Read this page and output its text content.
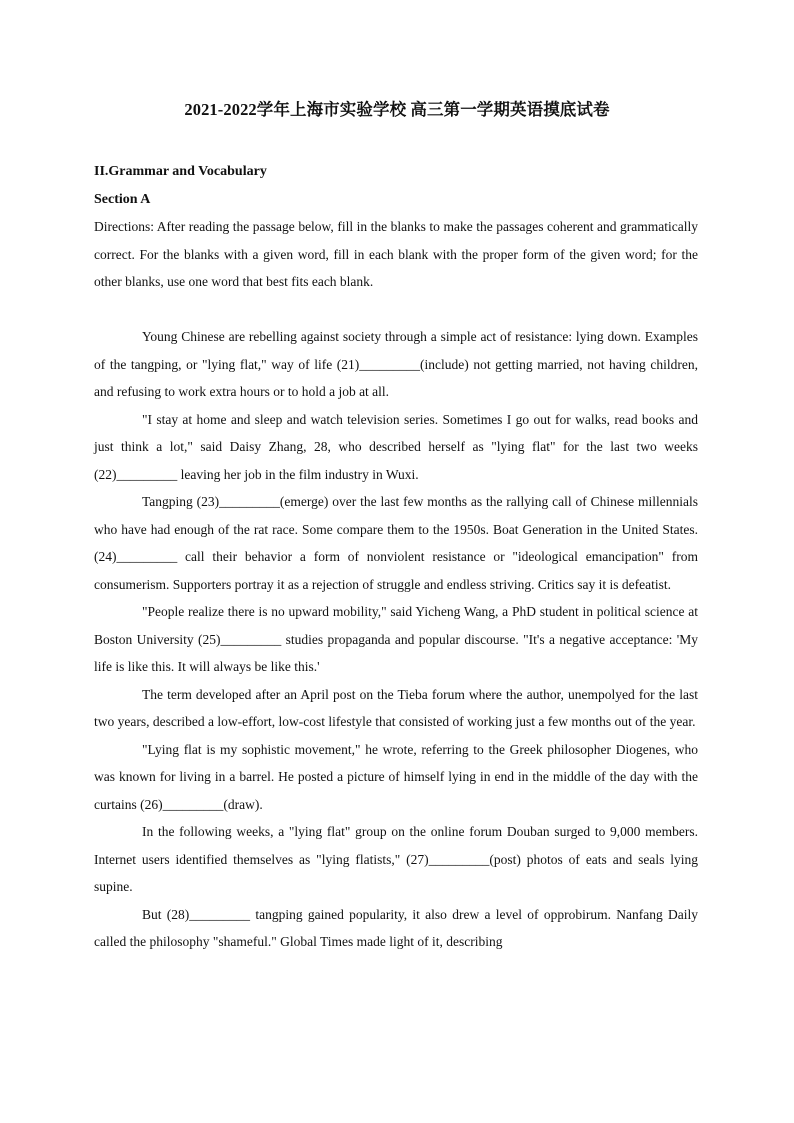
2021-2022学年上海市实验学校 高三第一学期英语摸底试卷
II.Grammar and Vocabulary
Section A

Directions: After reading the passage below, fill in the blanks to make the passages coherent and grammatically correct. For the blanks with a given word, fill in each blank with the proper form of the given word; for the other blanks, use one word that best fits each blank.

Young Chinese are rebelling against society through a simple act of resistance: lying down. Examples of the tangping, or "lying flat," way of life (21)_________(include) not getting married, not having children, and refusing to work extra hours or to hold a job at all.

"I stay at home and sleep and watch television series. Sometimes I go out for walks, read books and just think a lot," said Daisy Zhang, 28, who described herself as "lying flat" for the last two weeks (22)_________ leaving her job in the film industry in Wuxi.

Tangping (23)_________(emerge) over the last few months as the rallying call of Chinese millennials who have had enough of the rat race. Some compare them to the 1950s. Boat Generation in the United States. (24)_________ call their behavior a form of nonviolent resistance or "ideological emancipation" from consumerism. Supporters portray it as a rejection of struggle and endless striving. Critics say it is defeatist.

"People realize there is no upward mobility," said Yicheng Wang, a PhD student in political science at Boston University (25)_________ studies propaganda and popular discourse. "It's a negative acceptance: 'My life is like this. It will always be like this.'

The term developed after an April post on the Tieba forum where the author, unempolyed for the last two years, described a low-effort, low-cost lifestyle that consisted of working just a few months out of the year.

"Lying flat is my sophistic movement," he wrote, referring to the Greek philosopher Diogenes, who was known for living in a barrel. He posted a picture of himself lying in end in the middle of the day with the curtains (26)_________(draw).

In the following weeks, a "lying flat" group on the online forum Douban surged to 9,000 members. Internet users identified themselves as "lying flatists," (27)_________(post) photos of eats and seals lying supine.

But (28)_________ tangping gained popularity, it also drew a level of opprobirum. Nanfang Daily called the philosophy "shameful." Global Times made light of it, describing
